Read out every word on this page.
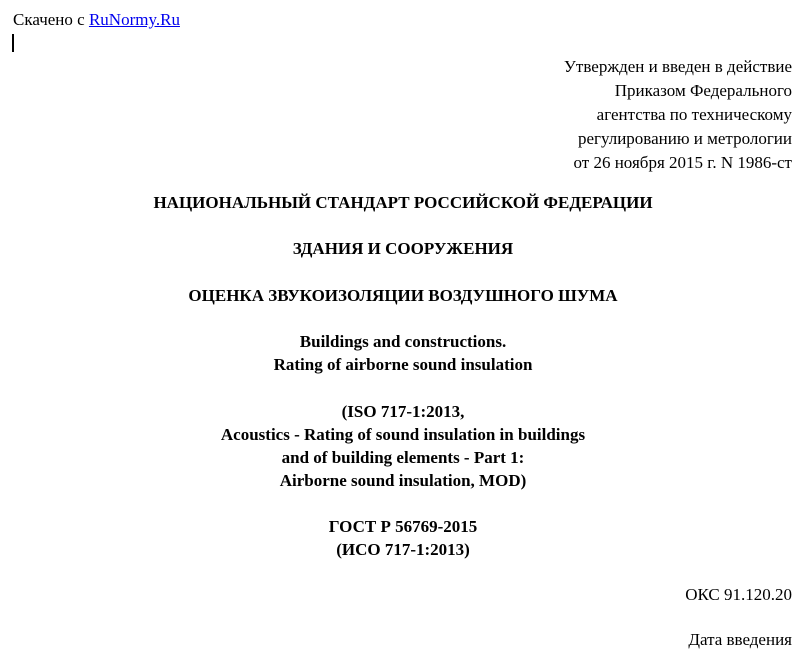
Скачено с RuNormy.Ru
Утвержден и введен в действие
Приказом Федерального
агентства по техническому
регулированию и метрологии
от 26 ноября 2015 г. N 1986-ст
НАЦИОНАЛЬНЫЙ СТАНДАРТ РОССИЙСКОЙ ФЕДЕРАЦИИ
ЗДАНИЯ И СООРУЖЕНИЯ
ОЦЕНКА ЗВУКОИЗОЛЯЦИИ ВОЗДУШНОГО ШУМА
Buildings and constructions.
Rating of airborne sound insulation
(ISO 717-1:2013,
Acoustics - Rating of sound insulation in buildings
and of building elements - Part 1:
Airborne sound insulation, MOD)
ГОСТ Р 56769-2015
(ИСО 717-1:2013)
ОКС 91.120.20
Дата введения
